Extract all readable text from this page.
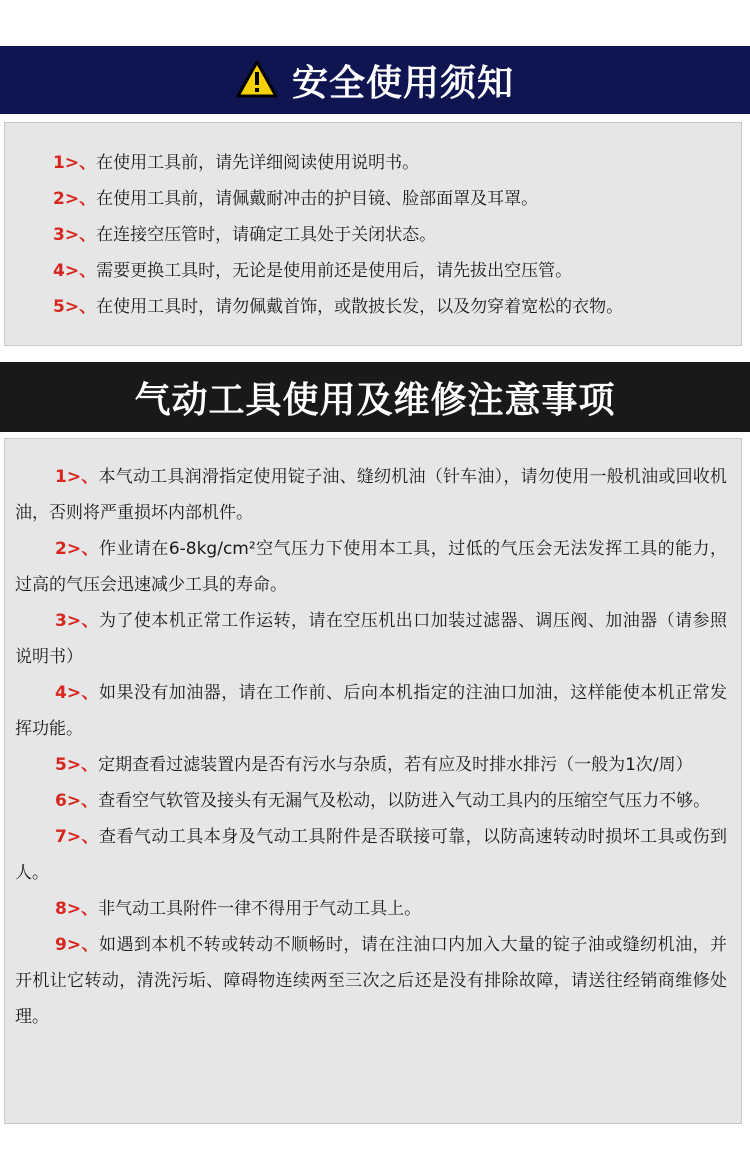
安全使用须知
1>、在使用工具前，请先详细阅读使用说明书。
2>、在使用工具前，请佩戴耐冲击的护目镜、脸部面罩及耳罩。
3>、在连接空压管时，请确定工具处于关闭状态。
4>、需要更换工具时，无论是使用前还是使用后，请先拔出空压管。
5>、在使用工具时，请勿佩戴首饰，或散披长发，以及勿穿着宽松的衣物。
气动工具使用及维修注意事项
1>、本气动工具润滑指定使用锭子油、缝纫机油（针车油），请勿使用一般机油或回收机油，否则将严重损坏内部机件。
2>、作业请在6-8kg/cm²空气压力下使用本工具，过低的气压会无法发挥工具的能力，过高的气压会迅速减少工具的寿命。
3>、为了使本机正常工作运转，请在空压机出口加装过滤器、调压阀、加油器（请参照说明书）
4>、如果没有加油器，请在工作前、后向本机指定的注油口加油，这样能使本机正常发挥功能。
5>、定期查看过滤装置内是否有污水与杂质，若有应及时排水排污（一般为1次/周）
6>、查看空气软管及接头有无漏气及松动，以防进入气动工具内的压缩空气压力不够。
7>、查看气动工具本身及气动工具附件是否联接可靠，以防高速转动时损坏工具或伤到人。
8>、非气动工具附件一律不得用于气动工具上。
9>、如遇到本机不转或转动不顺畅时，请在注油口内加入大量的锭子油或缝纫机油，并开机让它转动，清洗污垢、障碍物连续两至三次之后还是没有排除故障，请送往经销商维修处理。
